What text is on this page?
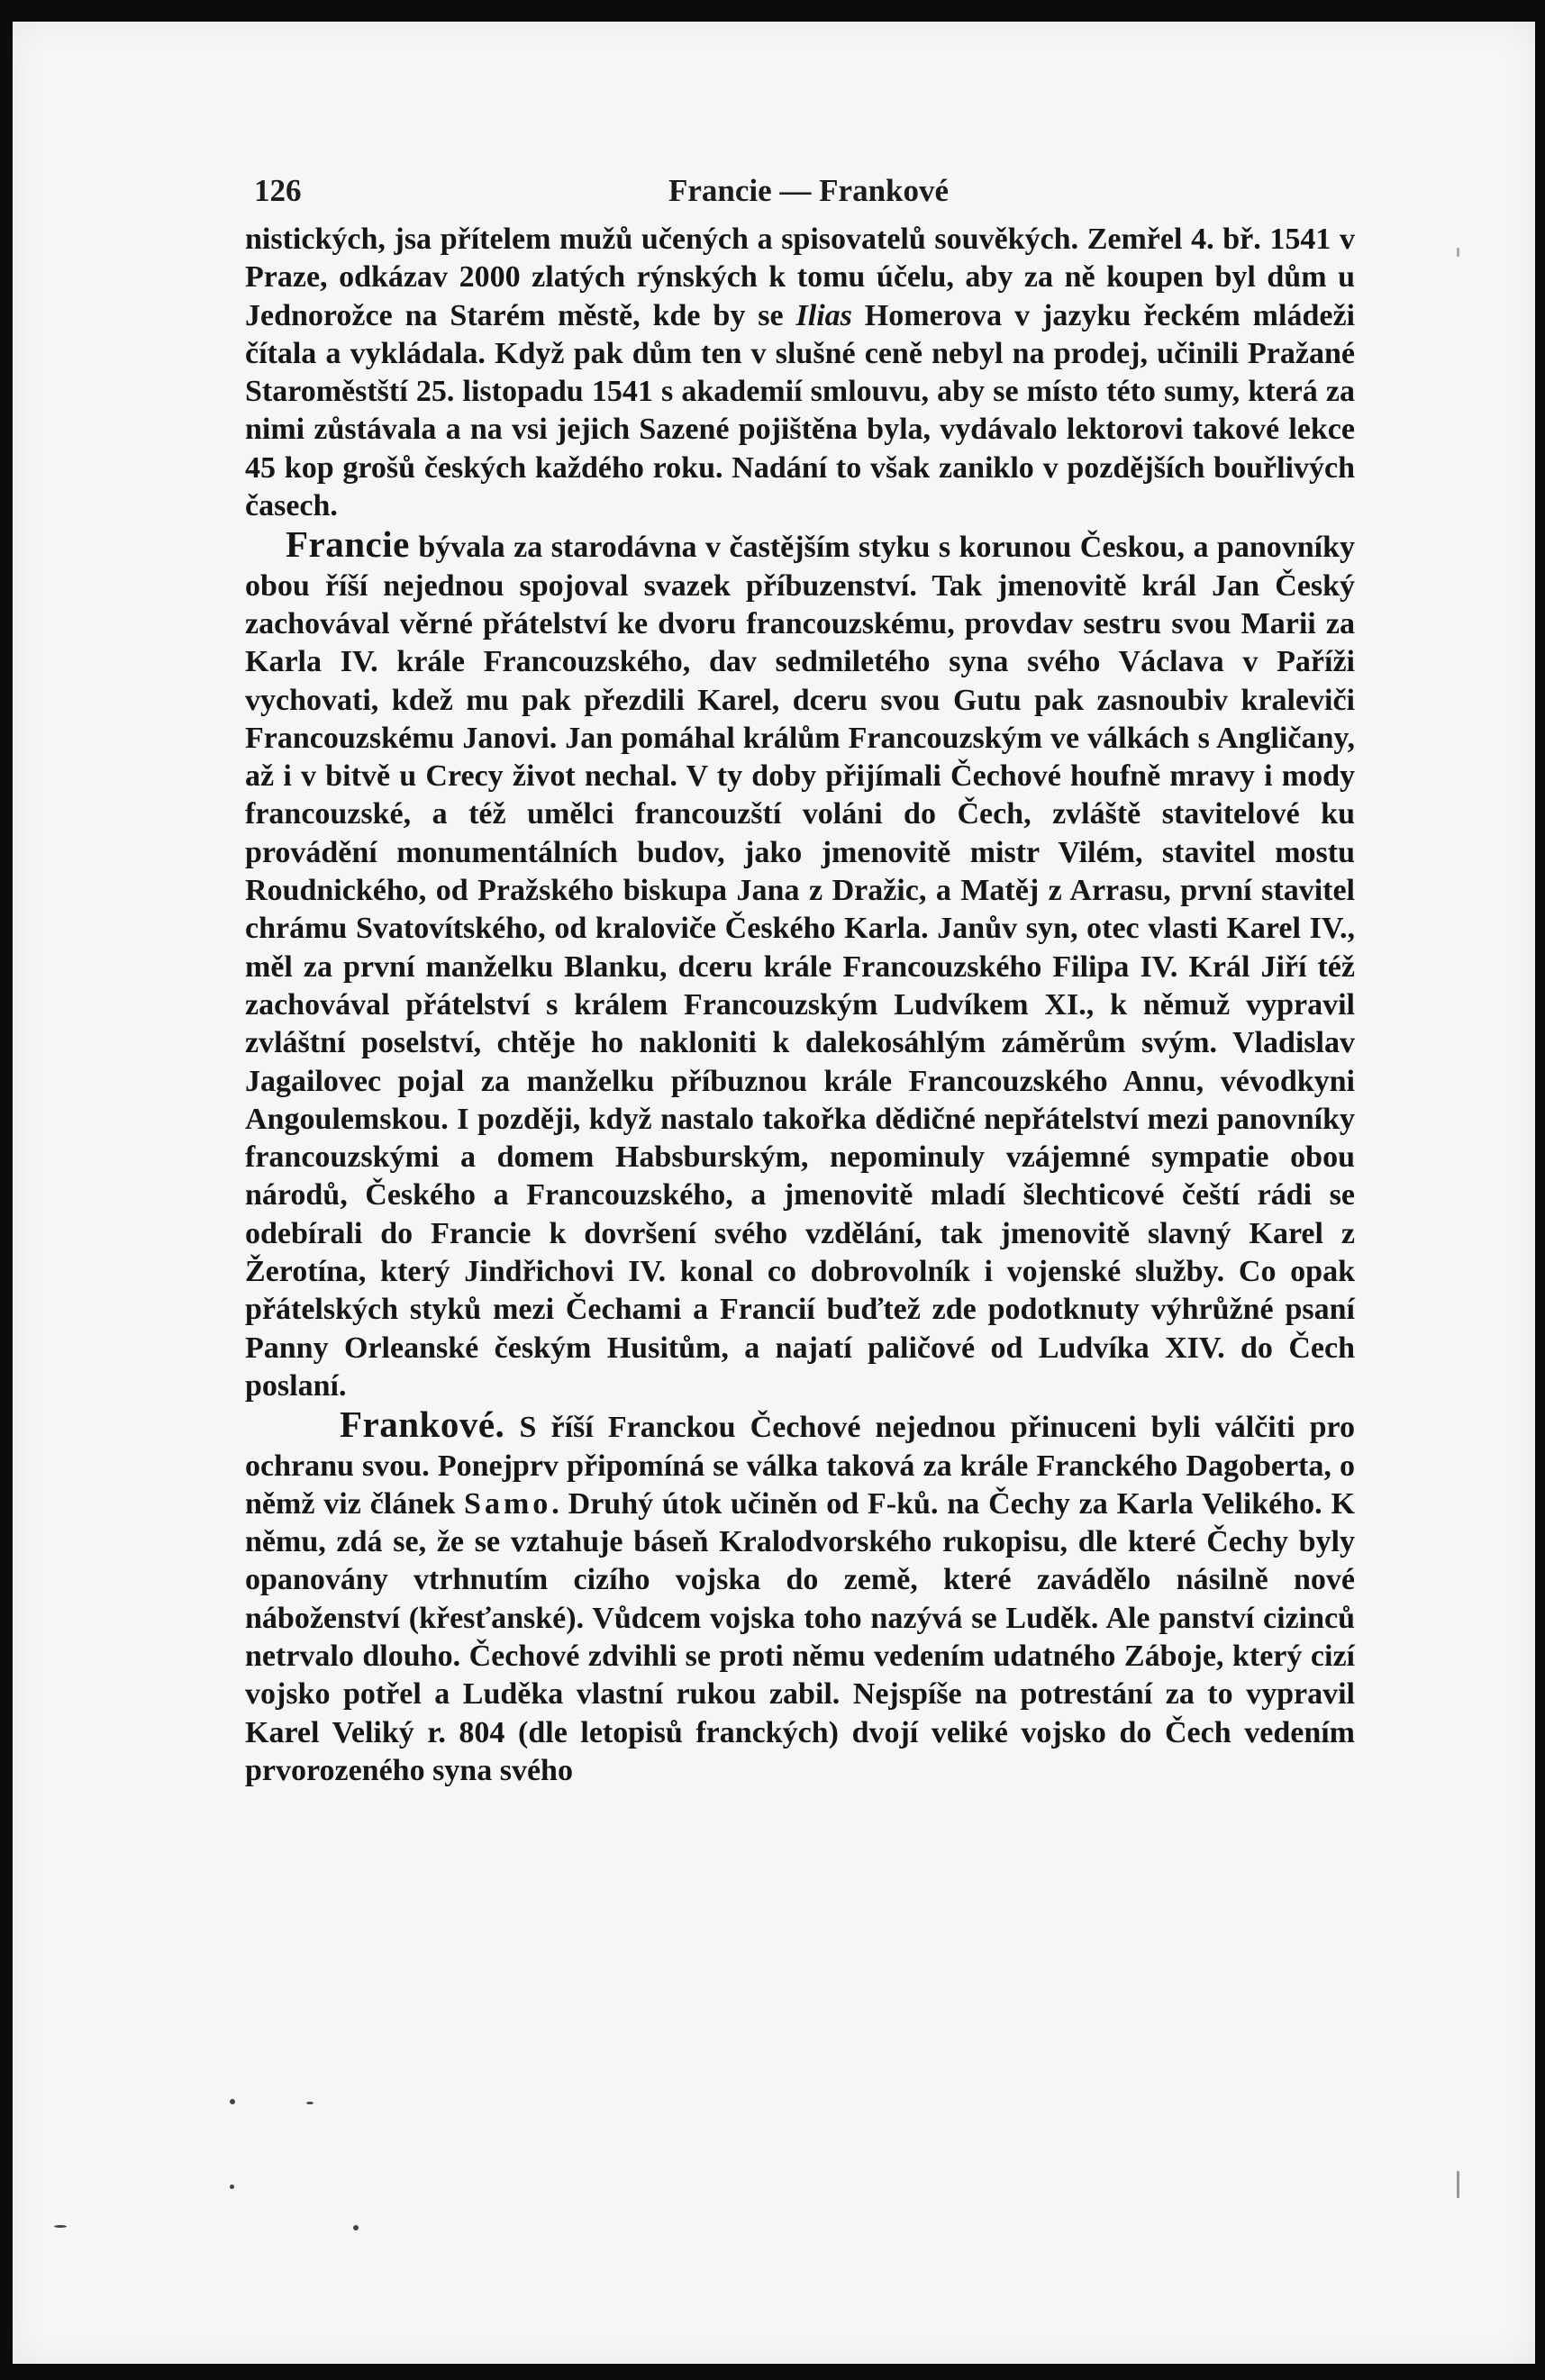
126	Francie — Frankové

nistických, jsa přítelem mužů učených a spisovatelů souvěkých. Zemřel 4. bř. 1541 v Praze, odkázav 2000 zlatých rýnských k tomu účelu, aby za ně koupen byl dům u Jednorožce na Starém městě, kde by se Ilias Homerova v jazyku řeckém mládeži čítala a vykládala. Když pak dům ten v slušné ceně nebyl na prodej, učinili Pražané Staroměstští 25. listopadu 1541 s akademií smlouvu, aby se místo této sumy, která za nimi zůstávala a na vsi jejich Sazené pojištěna byla, vydávalo lektorovi takové lekce 45 kop grošů českých každého roku. Nadání to však zaniklo v pozdějších bouřlivých časech.

Francie bývala za starodávna v častějším styku s korunou Českou, a panovníky obou říší nejednou spojoval svazek příbuzenství. Tak jmenovitě král Jan Český zachovával věrné přátelství ke dvoru francouzskému, provdav sestru svou Marii za Karla IV. krále Francouzského, dav sedmiletého syna svého Václava v Paříži vychovati, kdež mu pak přezdili Karel, dceru svou Gutu pak zasnoubiv kraleviči Francouzskému Janovi. Jan pomáhal králům Francouzským ve válkách s Angličany, až i v bitvě u Crecy život nechal. V ty doby přijímali Čechové houfně mravy i mody francouzské, a též umělci francouzští voláni do Čech, zvláště stavitelové ku provádění monumentálních budov, jako jmenovitě mistr Vilém, stavitel mostu Roudnického, od Pražského biskupa Jana z Dražic, a Matěj z Arrasu, první stavitel chrámu Svatovítského, od kraloviče Českého Karla. Janův syn, otec vlasti Karel IV., měl za první manželku Blanku, dceru krále Francouzského Filipa IV. Král Jiří též zachovával přátelství s králem Francouzským Ludvíkem XI., k němuž vypravil zvláštní poselství, chtěje ho nakloniti k dalekosáhlým záměrům svým. Vladislav Jagailovec pojal za manželku příbuznou krále Francouzského Annu, vévodkyni Angoulemskou. I později, když nastalo takořka dědičné nepřátelství mezi panovníky francouzskými a domem Habsburským, nepominuly vzájemné sympatie obou národů, Českého a Francouzského, a jmenovitě mladí šlechticové čeští rádi se odebírali do Francie k dovršení svého vzdělání, tak jmenovitě slavný Karel z Žerotína, který Jindřichovi IV. konal co dobrovolník i vojenské služby. Co opak přátelských styků mezi Čechami a Francií buďtež zde podotknuty výhrůžné psaní Panny Orleanské českým Husitům, a najatí paličové od Ludvíka XIV. do Čech poslaní.

Frankové. S říší Franckou Čechové nejednou přinuceni byli válčiti pro ochranu svou. Ponejprv připomíná se válka taková za krále Franckého Dagoberta, o němž viz článek Samo. Druhý útok učiněn od F-ků. na Čechy za Karla Velikého. K němu, zdá se, že se vztahuje báseň Kralodvorského rukopisu, dle které Čechy byly opanovány vtrhnutím cizího vojska do země, které zavádělo násilně nové náboženství (křesťanské). Vůdcem vojska toho nazývá se Luděk. Ale panství cizinců netrvalo dlouho. Čechové zdvihli se proti němu vedením udatného Záboje, který cizí vojsko potřel a Luděka vlastní rukou zabil. Nejspíše na potrestání za to vypravil Karel Veliký r. 804 (dle letopisů franckých) dvojí veliké vojsko do Čech vedením prvorozeného syna svého
